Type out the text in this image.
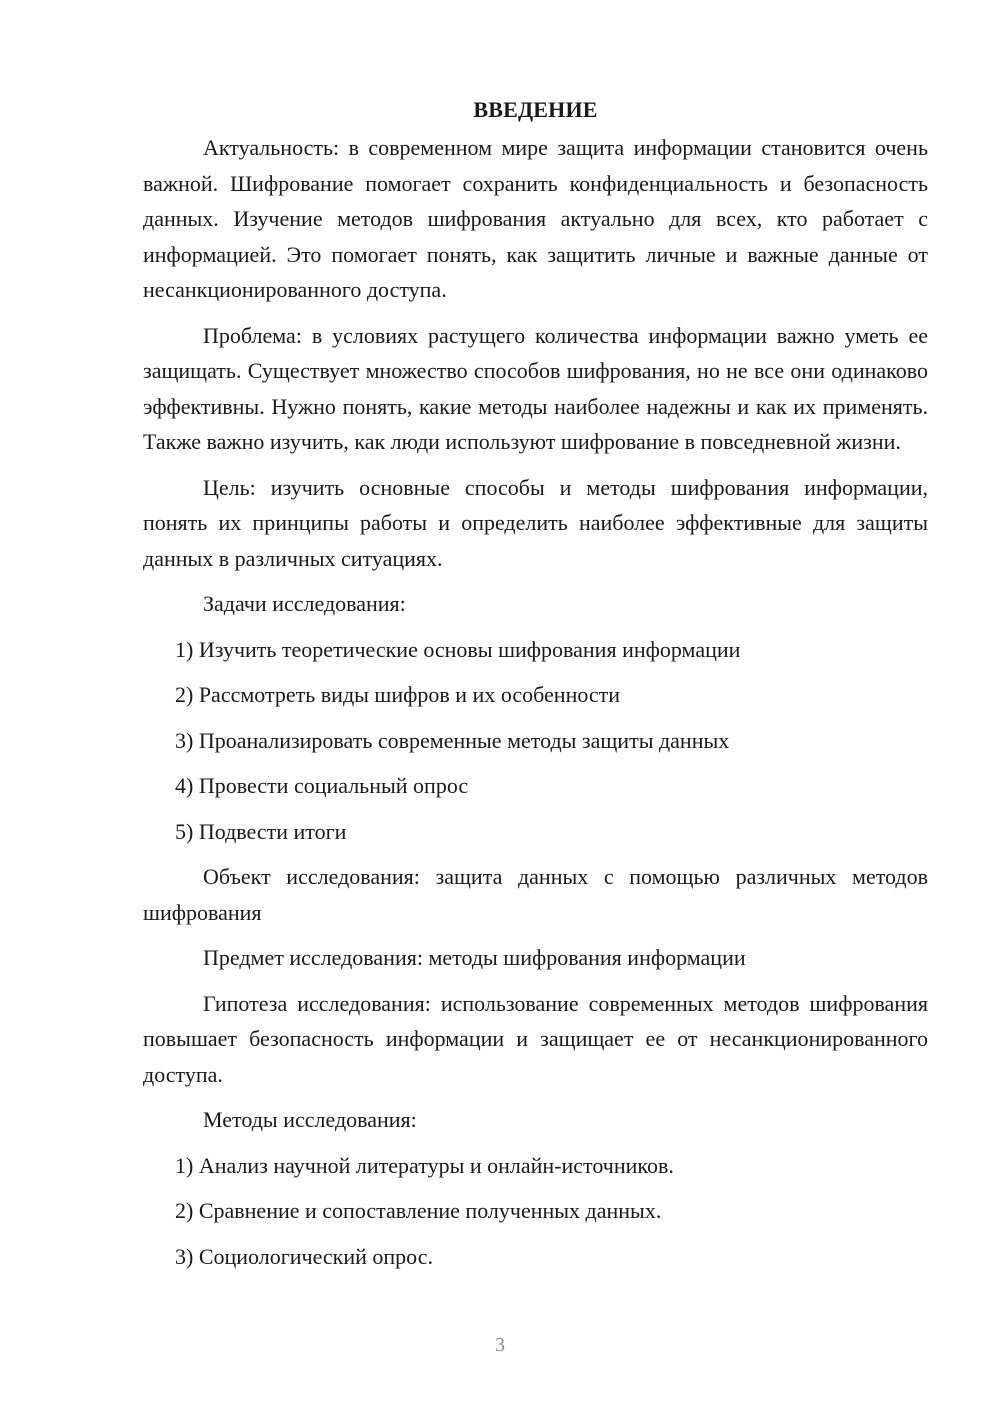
ВВЕДЕНИЕ

Актуальность: в современном мире защита информации становится очень важной. Шифрование помогает сохранить конфиденциальность и безопасность данных. Изучение методов шифрования актуально для всех, кто работает с информацией. Это помогает понять, как защитить личные и важные данные от несанкционированного доступа.

Проблема: в условиях растущего количества информации важно уметь ее защищать. Существует множество способов шифрования, но не все они одинаково эффективны. Нужно понять, какие методы наиболее надежны и как их применять. Также важно изучить, как люди используют шифрование в повседневной жизни.

Цель: изучить основные способы и методы шифрования информации, понять их принципы работы и определить наиболее эффективные для защиты данных в различных ситуациях.

Задачи исследования:

1) Изучить теоретические основы шифрования информации
2) Рассмотреть виды шифров и их особенности
3) Проанализировать современные методы защиты данных
4) Провести социальный опрос
5) Подвести итоги

Объект исследования: защита данных с помощью различных методов шифрования

Предмет исследования: методы шифрования информации

Гипотеза исследования: использование современных методов шифрования повышает безопасность информации и защищает ее от несанкционированного доступа.

Методы исследования:

1) Анализ научной литературы и онлайн-источников.
2) Сравнение и сопоставление полученных данных.
3) Социологический опрос.
3
